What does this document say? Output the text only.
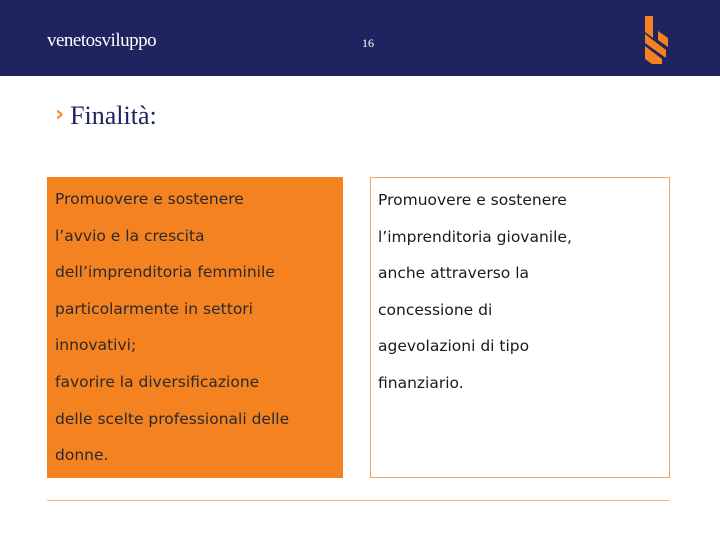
venetosviluppo	16
› Finalità:
Promuovere e sostenere
l’avvio e la crescita
dell’imprenditoria femminile
particolarmente in settori
innovativi;
favorire la diversificazione
delle scelte professionali delle
donne.
Promuovere e sostenere
l’imprenditoria giovanile,
anche attraverso la
concessione di
agevolazioni di tipo
finanziario.
